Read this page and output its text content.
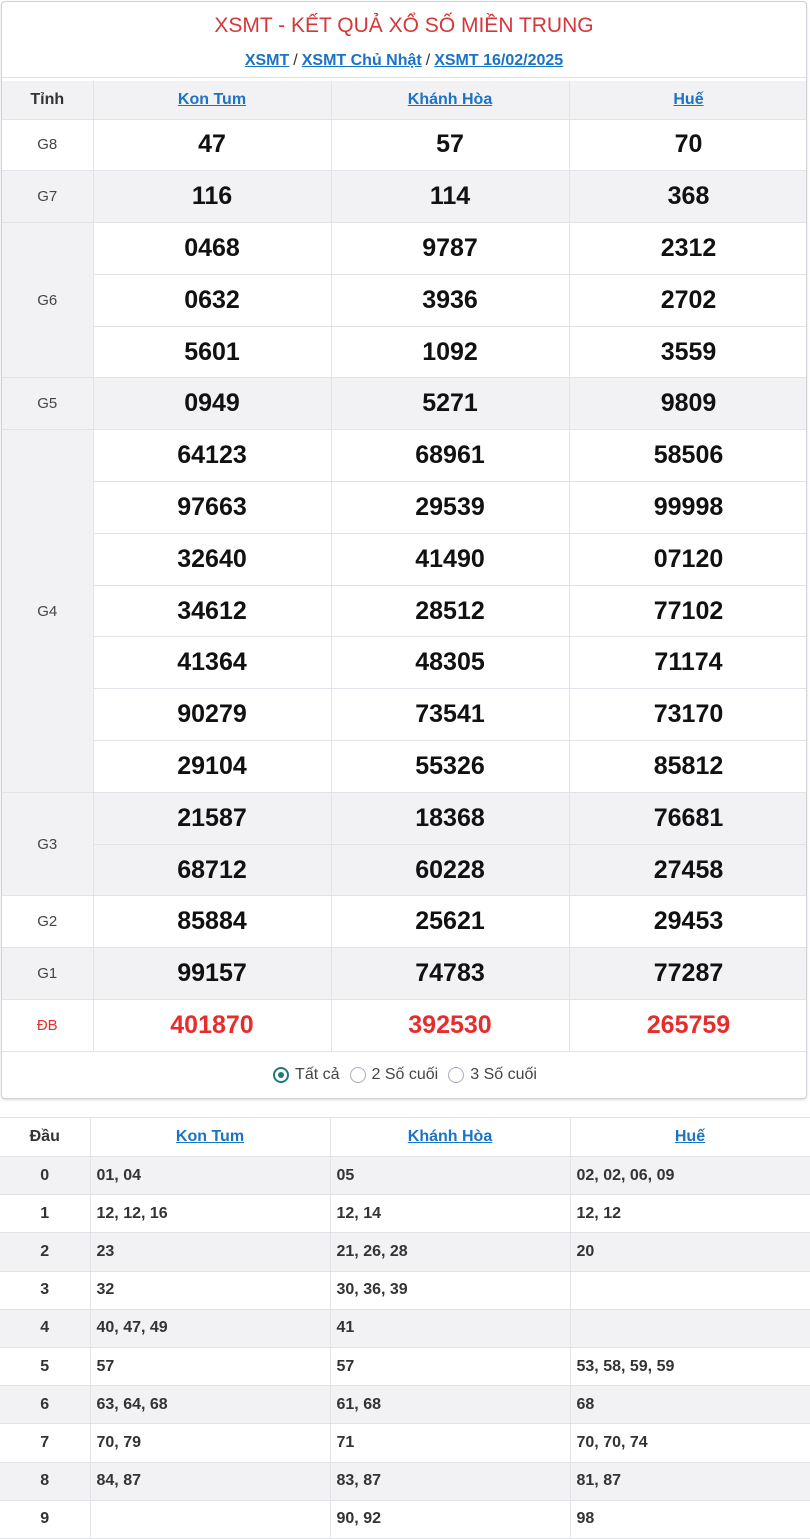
XSMT - KẾT QUẢ XỔ SỐ MIỀN TRUNG
XSMT / XSMT Chủ Nhật / XSMT 16/02/2025
Tỉnh	Kon Tum	Khánh Hòa	Huế
G8	47	57	70
G7	116	114	368
G6	0468	9787	2312
	0632	3936	2702
	5601	1092	3559
G5	0949	5271	9809
G4	64123	68961	58506
	97663	29539	99998
	32640	41490	07120
	34612	28512	77102
	41364	48305	71174
	90279	73541	73170
	29104	55326	85812
G3	21587	18368	76681
	68712	60228	27458
G2	85884	25621	29453
G1	99157	74783	77287
ĐB	401870	392530	265759
Tất cả 2 Số cuối 3 Số cuối
Đầu	Kon Tum	Khánh Hòa	Huế
0	01, 04	05	02, 02, 06, 09
1	12, 12, 16	12, 14	12, 12
2	23	21, 26, 28	20
3	32	30, 36, 39	
4	40, 47, 49	41	
5	57	57	53, 58, 59, 59
6	63, 64, 68	61, 68	68
7	70, 79	71	70, 70, 74
8	84, 87	83, 87	81, 87
9		90, 92	98
